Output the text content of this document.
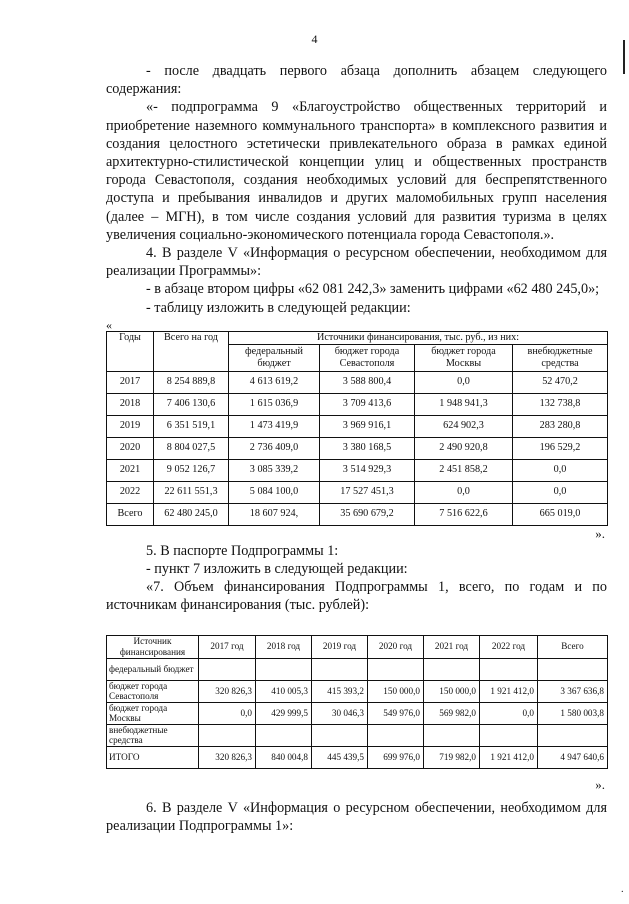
4

- после двадцать первого абзаца дополнить абзацем следующего содержания:

«- подпрограмма 9 «Благоустройство общественных территорий и приобретение наземного коммунального транспорта» в комплексного развития и создания целостного эстетически привлекательного образа в рамках единой архитектурно-стилистической концепции улиц и общественных пространств города Севастополя, создания необходимых условий для беспрепятственного доступа и пребывания инвалидов и других маломобильных групп населения (далее – МГН), в том числе создания условий для развития туризма в целях увеличения социально-экономического потенциала города Севастополя.».

4. В разделе V «Информация о ресурсном обеспечении, необходимом для реализации Программы»:

- в абзаце втором цифры «62 081 242,3» заменить цифрами «62 480 245,0»;

- таблицу изложить в следующей редакции:

«
Годы	Всего на год	Источники финансирования, тыс. руб., из них:			
		федеральный бюджет	бюджет города Севастополя	бюджет города Москвы	внебюджетные средства
2017	8 254 889,8	4 613 619,2	3 588 800,4	0,0	52 470,2
2018	7 406 130,6	1 615 036,9	3 709 413,6	1 948 941,3	132 738,8
2019	6 351 519,1	1 473 419,9	3 969 916,1	624 902,3	283 280,8
2020	8 804 027,5	2 736 409,0	3 380 168,5	2 490 920,8	196 529,2
2021	9 052 126,7	3 085 339,2	3 514 929,3	2 451 858,2	0,0
2022	22 611 551,3	5 084 100,0	17 527 451,3	0,0	0,0
Всего	62 480 245,0	18 607 924,	35 690 679,2	7 516 622,6	665 019,0
».

5. В паспорте Подпрограммы 1:

- пункт 7 изложить в следующей редакции:

«7. Объем финансирования Подпрограммы 1, всего, по годам и по источникам финансирования (тыс. рублей):

Источник финансирования	2017 год	2018 год	2019 год	2020 год	2021 год	2022 год	Всего
федеральный бюджет							
бюджет города Севастополя	320 826,3	410 005,3	415 393,2	150 000,0	150 000,0	1 921 412,0	3 367 636,8
бюджет города Москвы	0,0	429 999,5	30 046,3	549 976,0	569 982,0	0,0	1 580 003,8
внебюджетные средства							
ИТОГО	320 826,3	840 004,8	445 439,5	699 976,0	719 982,0	1 921 412,0	4 947 640,6
».

6. В разделе V «Информация о ресурсном обеспечении, необходимом для реализации Подпрограммы 1»:

·
